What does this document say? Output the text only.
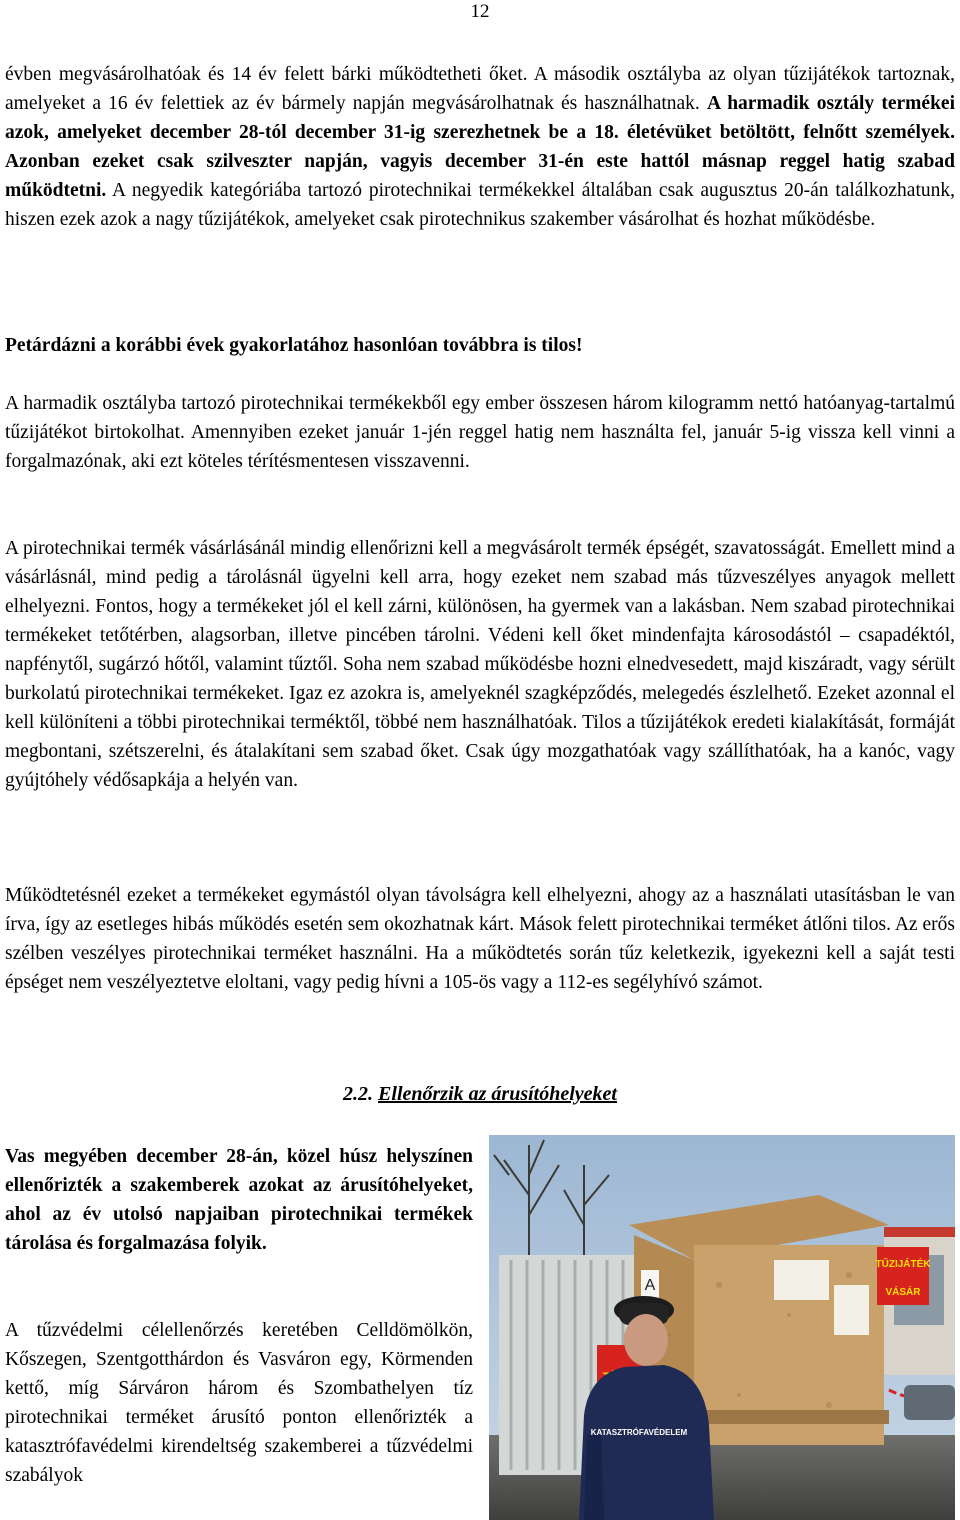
12

évben megvásárolhatóak és 14 év felett bárki működtetheti őket. A második osztályba az olyan tűzijátékok tartoznak, amelyeket a 16 év felettiek az év bármely napján megvásárolhatnak és használhatnak. A harmadik osztály termékei azok, amelyeket december 28-tól december 31-ig szerezhetnek be a 18. életévüket betöltött, felnőtt személyek. Azonban ezeket csak szilveszter napján, vagyis december 31-én este hattól másnap reggel hatig szabad működtetni. A negyedik kategóriába tartozó pirotechnikai termékekkel általában csak augusztus 20-án találkozhatunk, hiszen ezek azok a nagy tűzijátékok, amelyeket csak pirotechnikus szakember vásárolhat és hozhat működésbe.

Petárdázni a korábbi évek gyakorlatához hasonlóan továbbra is tilos!

A harmadik osztályba tartozó pirotechnikai termékekből egy ember összesen három kilogramm nettó hatóanyag-tartalmú tűzijátékot birtokolhat. Amennyiben ezeket január 1-jén reggel hatig nem használta fel, január 5-ig vissza kell vinni a forgalmazónak, aki ezt köteles térítésmentesen visszavenni.

A pirotechnikai termék vásárlásánál mindig ellenőrizni kell a megvásárolt termék épségét, szavatosságát. Emellett mind a vásárlásnál, mind pedig a tárolásnál ügyelni kell arra, hogy ezeket nem szabad más tűzveszélyes anyagok mellett elhelyezni. Fontos, hogy a termékeket jól el kell zárni, különösen, ha gyermek van a lakásban. Nem szabad pirotechnikai termékeket tetőtérben, alagsorban, illetve pincében tárolni. Védeni kell őket mindenfajta károsodástól – csapadéktól, napfénytől, sugárzó hőtől, valamint tűztől. Soha nem szabad működésbe hozni elnedvesedett, majd kiszáradt, vagy sérült burkolatú pirotechnikai termékeket. Igaz ez azokra is, amelyeknél szagképződés, melegedés észlelhető. Ezeket azonnal el kell különíteni a többi pirotechnikai terméktől, többé nem használhatóak. Tilos a tűzijátékok eredeti kialakítását, formáját megbontani, szétszerelni, és átalakítani sem szabad őket. Csak úgy mozgathatóak vagy szállíthatóak, ha a kanóc, vagy gyújtóhely védősapkája a helyén van.

Működtetésnél ezeket a termékeket egymástól olyan távolságra kell elhelyezni, ahogy az a használati utasításban le van írva, így az esetleges hibás működés esetén sem okozhatnak kárt. Mások felett pirotechnikai terméket átlőni tilos. Az erős szélben veszélyes pirotechnikai terméket használni. Ha a működtetés során tűz keletkezik, igyekezni kell a saját testi épséget nem veszélyeztetve eloltani, vagy pedig hívni a 105-ös vagy a 112-es segélyhívó számot.

2.2. Ellenőrzik az árusítóhelyeket

Vas megyében december 28-án, közel húsz helyszínen ellenőrizték a szakemberek azokat az árusítóhelyeket, ahol az év utolsó napjaiban pirotechnikai termékek tárolása és forgalmazása folyik.

A tűzvédelmi célellenőrzés keretében Celldömölkön, Kőszegen, Szentgotthárdon és Vasváron egy, Körmenden kettő, míg Sárváron három és Szombathelyen tíz pirotechnikai terméket árusító ponton ellenőrizték a katasztrófavédelmi kirendeltség szakemberei a tűzvédelmi szabályok

A
TŰZIJÁTÉK
VÁSÁR
KATASZTRÓFAVÉDELEM
